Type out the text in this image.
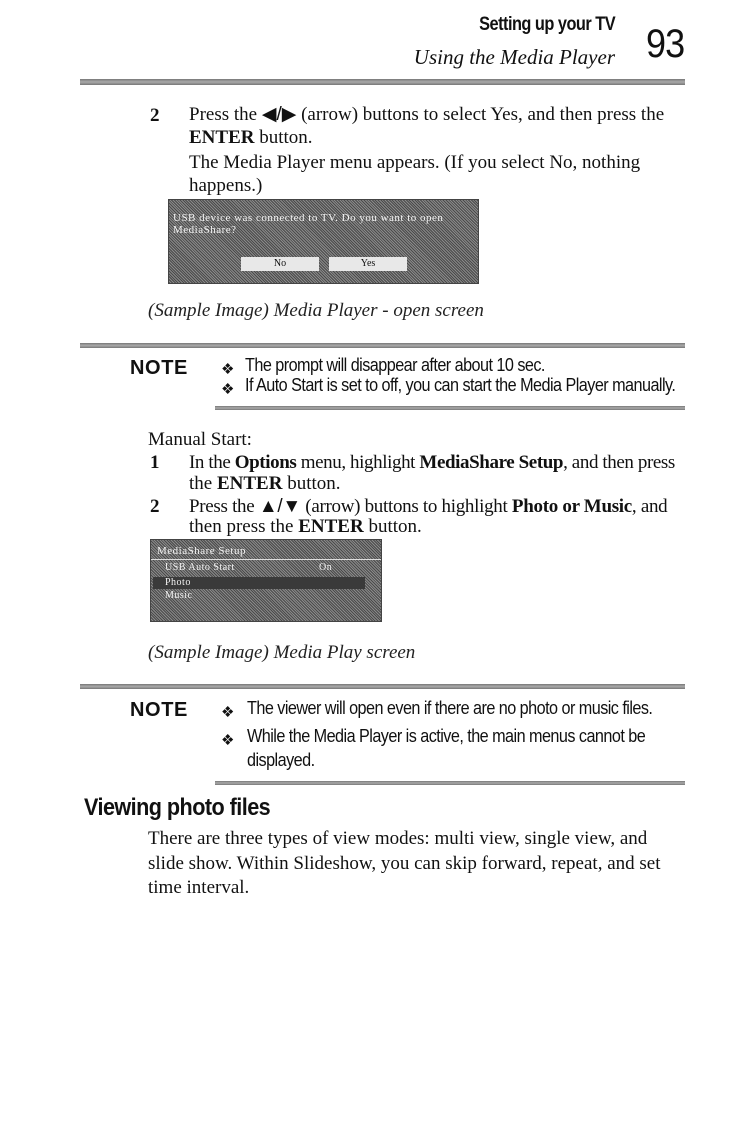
Setting up your TV
Using the Media Player 93
2 Press the ◀/▶ (arrow) buttons to select Yes, and then press the
ENTER button.
The Media Player menu appears. (If you select No, nothing happens.)
USB device was connected to TV. Do you want to open
MediaShare?
No	Yes
(Sample Image) Media Player - open screen
NOTE ❖ The prompt will disappear after about 10 sec.
❖ If Auto Start is set to off, you can start the Media Player manually.
Manual Start:
1 In the Options menu, highlight MediaShare Setup, and then press
the ENTER button.
2 Press the ▲/▼ (arrow) buttons to highlight Photo or Music, and
then press the ENTER button.
MediaShare Setup
USB Auto Start	On
Photo
Music
(Sample Image) Media Play screen
NOTE ❖ The viewer will open even if there are no photo or music files.
❖ While the Media Player is active, the main menus cannot be
displayed.
Viewing photo files
There are three types of view modes: multi view, single view, and
slide show. Within Slideshow, you can skip forward, repeat, and set
time interval.
